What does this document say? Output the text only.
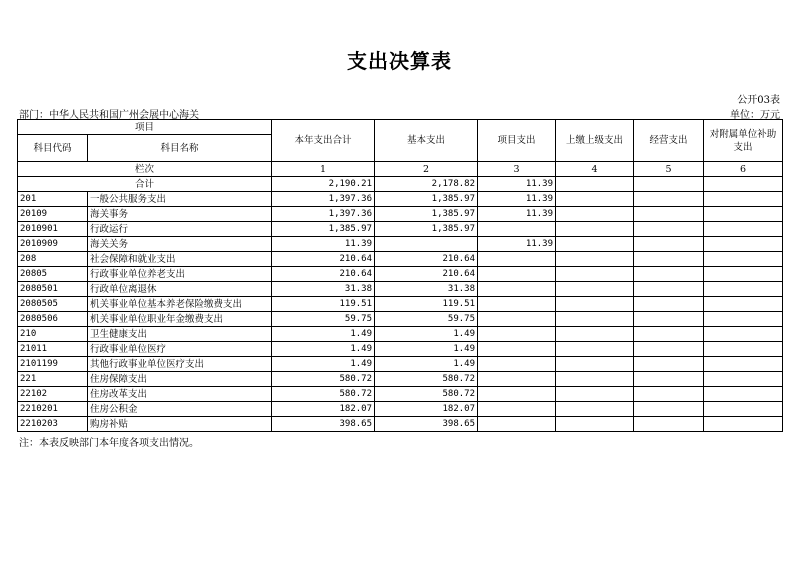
支出决算表
公开03表
部门：中华人民共和国广州会展中心海关	单位：万元
项目		本年支出合计	基本支出	项目支出	上缴上级支出	经营支出	对附属单位补助支出
科目代码	科目名称						
栏次		1	2	3	4	5	6
合计		2,190.21	2,178.82	11.39			
201	一般公共服务支出	1,397.36	1,385.97	11.39			
20109	海关事务	1,397.36	1,385.97	11.39			
2010901	行政运行	1,385.97	1,385.97				
2010909	海关关务	11.39		11.39			
208	社会保障和就业支出	210.64	210.64				
20805	行政事业单位养老支出	210.64	210.64				
2080501	行政单位离退休	31.38	31.38				
2080505	机关事业单位基本养老保险缴费支出	119.51	119.51				
2080506	机关事业单位职业年金缴费支出	59.75	59.75				
210	卫生健康支出	1.49	1.49				
21011	行政事业单位医疗	1.49	1.49				
2101199	其他行政事业单位医疗支出	1.49	1.49				
221	住房保障支出	580.72	580.72				
22102	住房改革支出	580.72	580.72				
2210201	住房公积金	182.07	182.07				
2210203	购房补贴	398.65	398.65				
注：本表反映部门本年度各项支出情况。
